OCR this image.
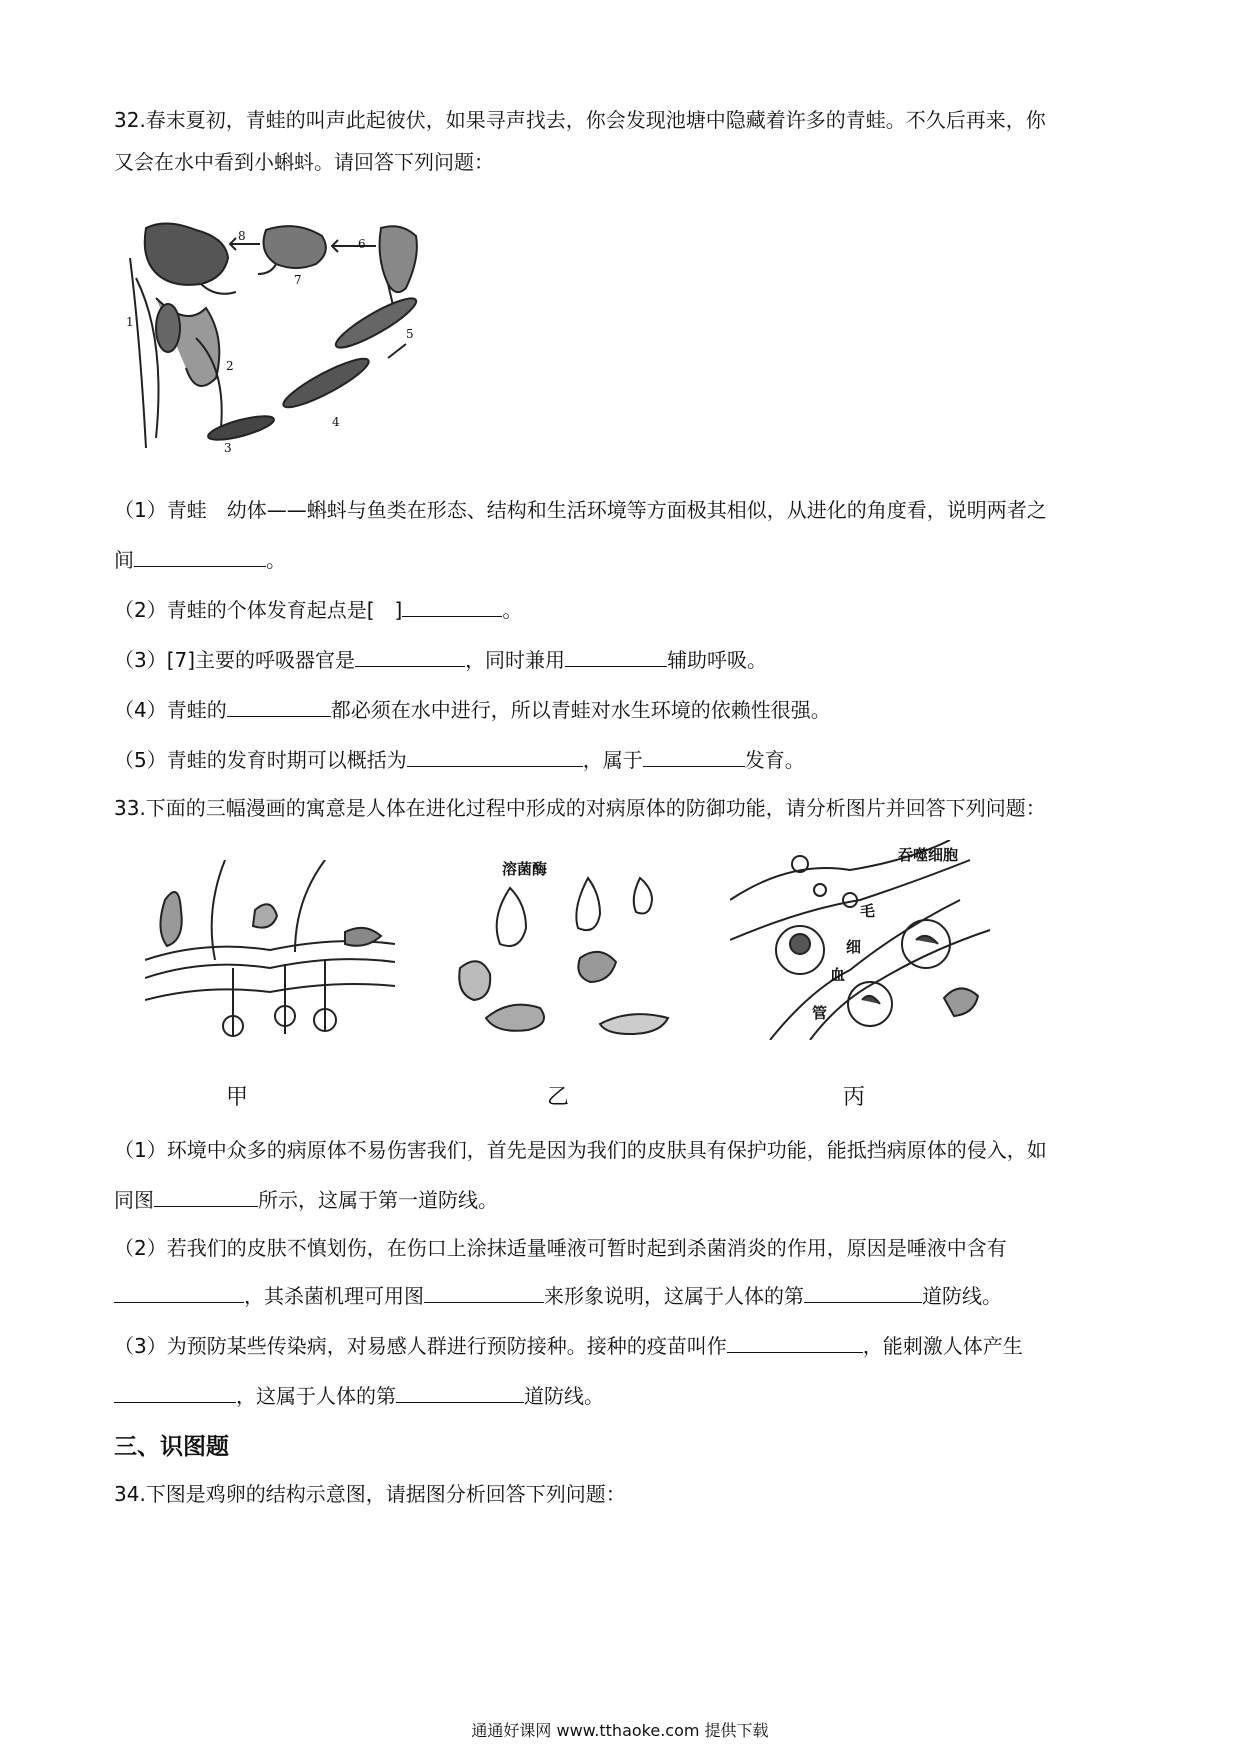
32.春末夏初，青蛙的叫声此起彼伏，如果寻声找去，你会发现池塘中隐藏着许多的青蛙。不久后再来，你
又会在水中看到小蝌蚪。请回答下列问题：
1
2
3
4
5
6
7
8
（1）青蛙　幼体——蝌蚪与鱼类在形态、结构和生活环境等方面极其相似，从进化的角度看，说明两者之
间	。
（2）青蛙的个体发育起点是[　]	。
（3）[7]主要的呼吸器官是	，同时兼用	辅助呼吸。
（4）青蛙的	都必须在水中进行，所以青蛙对水生环境的依赖性很强。
（5）青蛙的发育时期可以概括为	，属于	发育。
33.下面的三幅漫画的寓意是人体在进化过程中形成的对病原体的防御功能，请分析图片并回答下列问题：
溶菌酶
吞噬细胞
毛
细
血
管
甲	乙	丙
（1）环境中众多的病原体不易伤害我们，首先是因为我们的皮肤具有保护功能，能抵挡病原体的侵入，如
同图	所示，这属于第一道防线。
（2）若我们的皮肤不慎划伤，在伤口上涂抹适量唾液可暂时起到杀菌消炎的作用，原因是唾液中含有
，其杀菌机理可用图	来形象说明，这属于人体的第	道防线。
（3）为预防某些传染病，对易感人群进行预防接种。接种的疫苗叫作	，能刺激人体产生
，这属于人体的第	道防线。
三、识图题
34.下图是鸡卵的结构示意图，请据图分析回答下列问题：
通通好课网 www.tthaoke.com 提供下载
